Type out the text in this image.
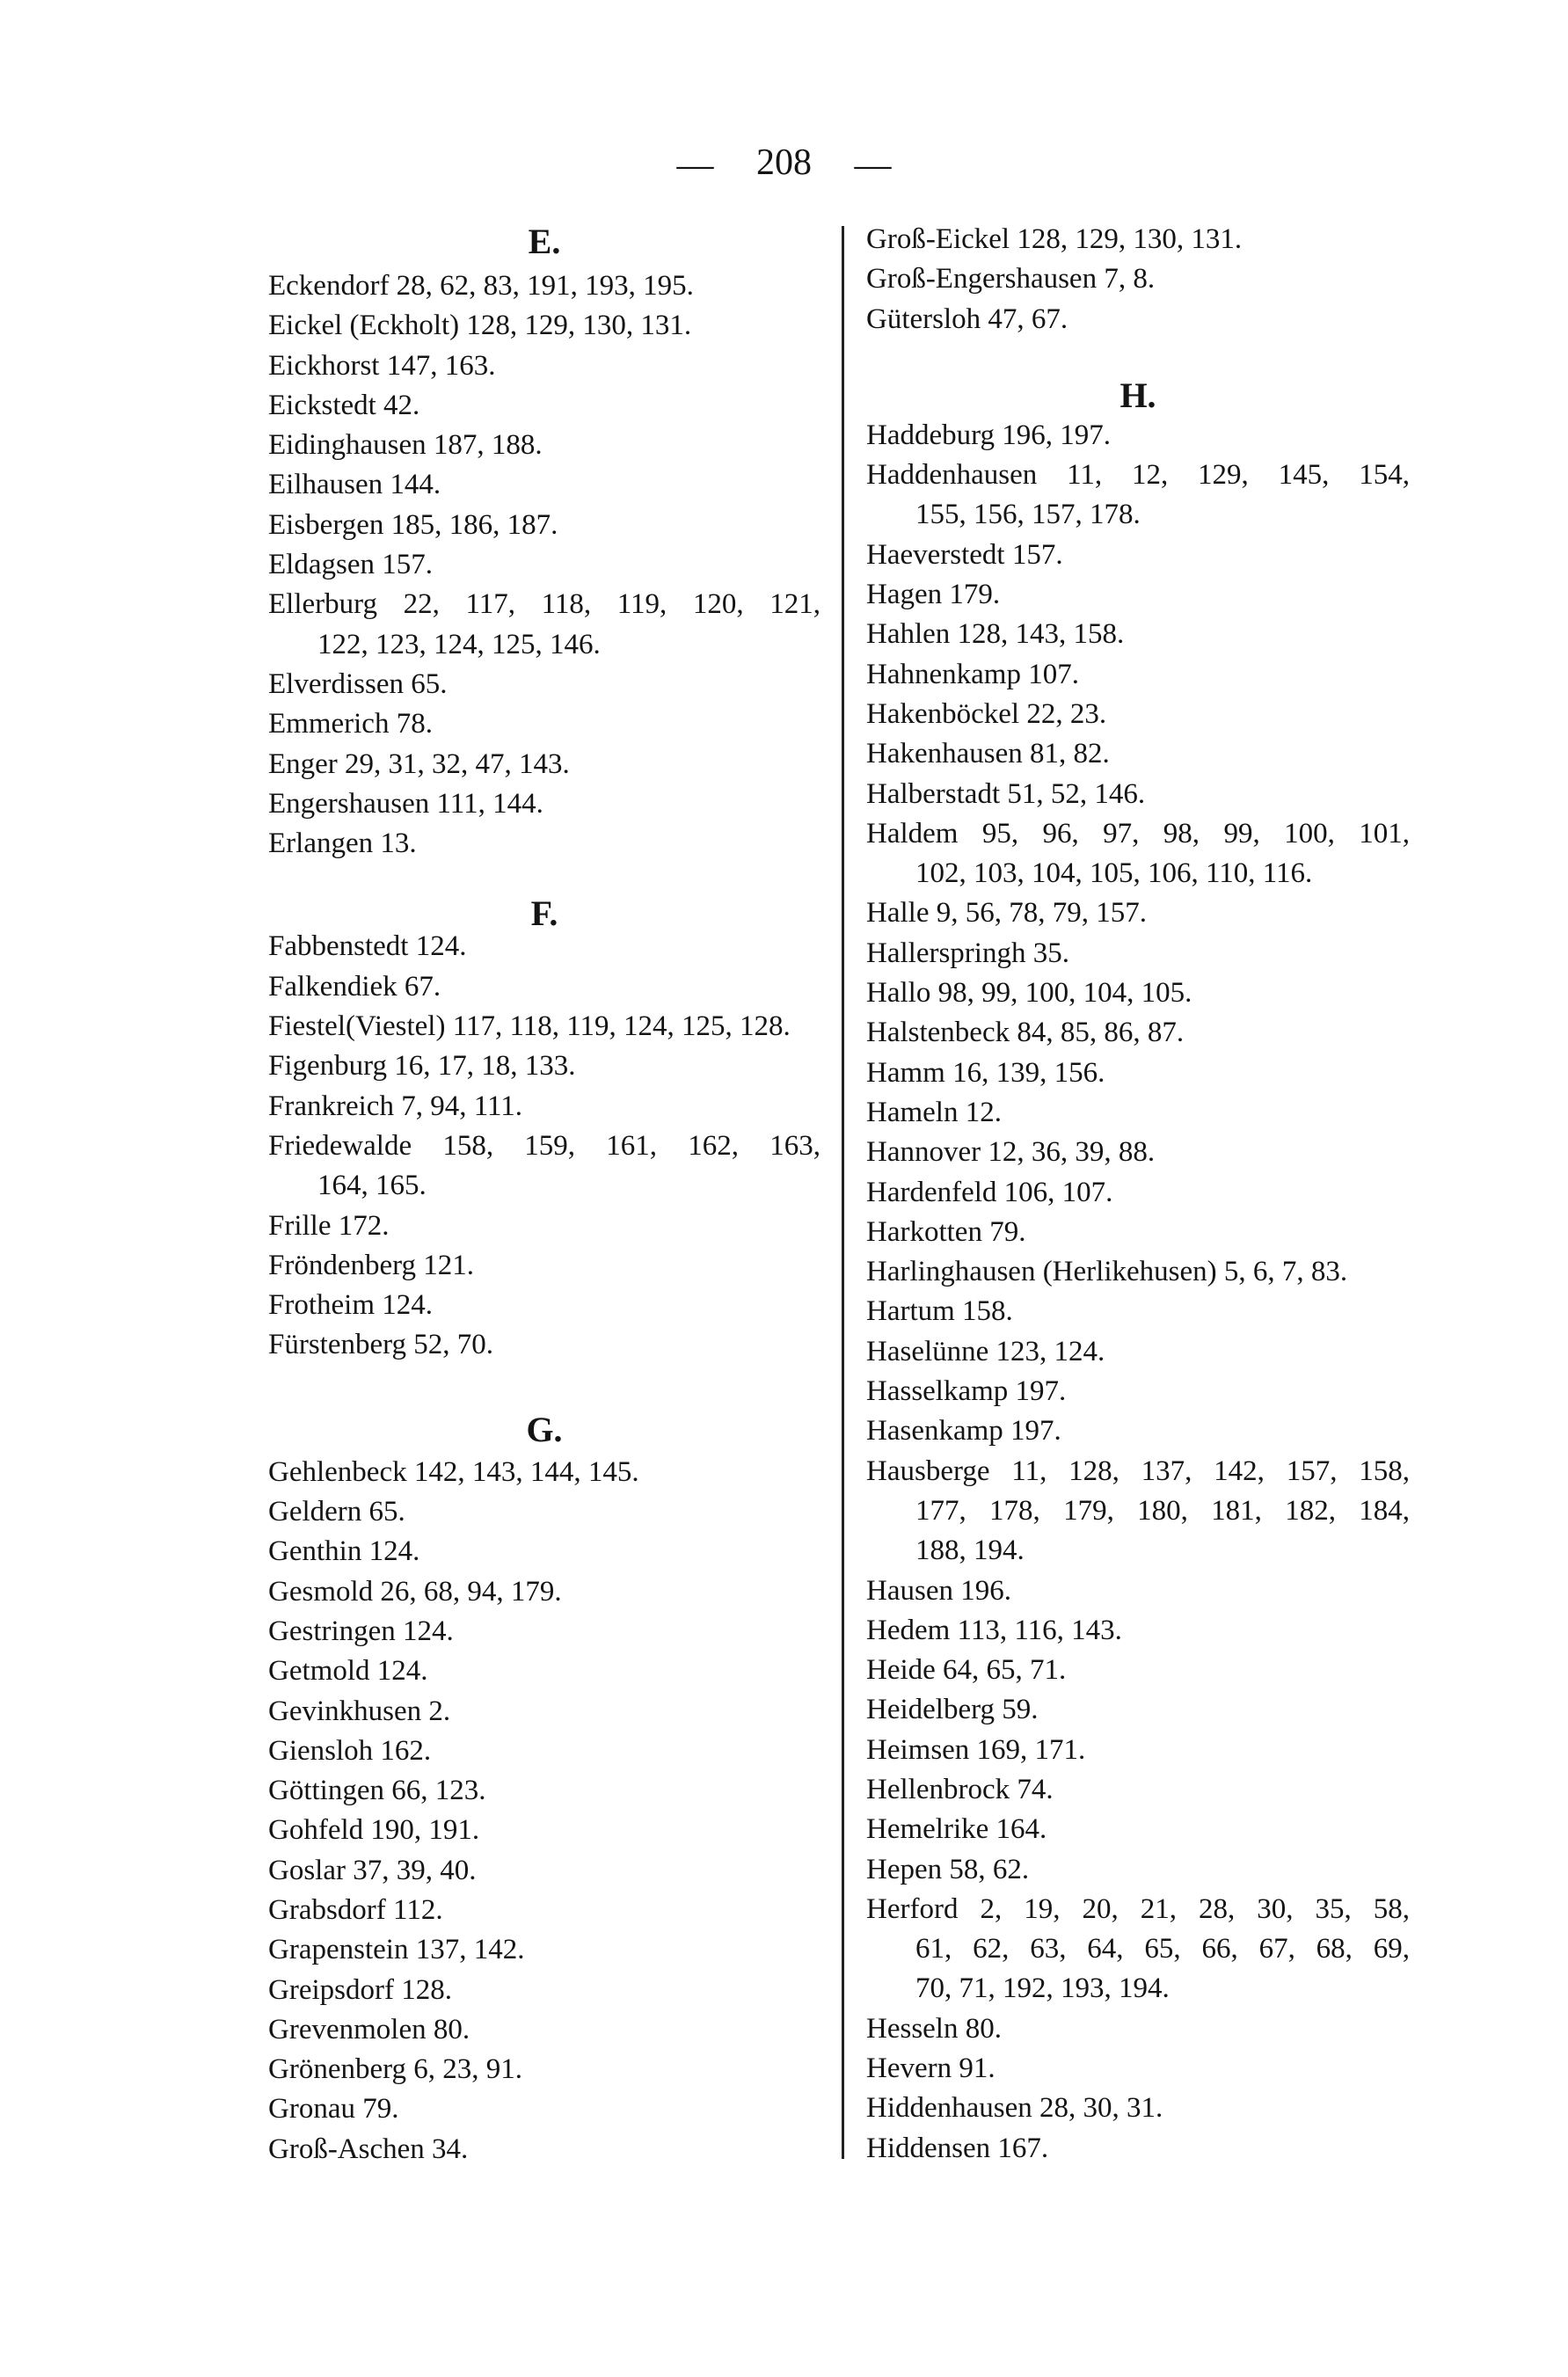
— 208 —
E.
Eckendorf 28, 62, 83, 191, 193, 195.
Eickel (Eckholt) 128, 129, 130, 131.
Eickhorst 147, 163.
Eickstedt 42.
Eidinghausen 187, 188.
Eilhausen 144.
Eisbergen 185, 186, 187.
Eldagsen 157.
Ellerburg 22, 117, 118, 119, 120, 121,
122, 123, 124, 125, 146.
Elverdissen 65.
Emmerich 78.
Enger 29, 31, 32, 47, 143.
Engershausen 111, 144.
Erlangen 13.
F.
Fabbenstedt 124.
Falkendiek 67.
Fiestel(Viestel) 117, 118, 119, 124, 125, 128.
Figenburg 16, 17, 18, 133.
Frankreich 7, 94, 111.
Friedewalde 158, 159, 161, 162, 163,
164, 165.
Frille 172.
Fröndenberg 121.
Frotheim 124.
Fürstenberg 52, 70.
G.
Gehlenbeck 142, 143, 144, 145.
Geldern 65.
Genthin 124.
Gesmold 26, 68, 94, 179.
Gestringen 124.
Getmold 124.
Gevinkhusen 2.
Giensloh 162.
Göttingen 66, 123.
Gohfeld 190, 191.
Goslar 37, 39, 40.
Grabsdorf 112.
Grapenstein 137, 142.
Greipsdorf 128.
Grevenmolen 80.
Grönenberg 6, 23, 91.
Gronau 79.
Groß-Aschen 34.
Groß-Eickel 128, 129, 130, 131.
Groß-Engershausen 7, 8.
Gütersloh 47, 67.
H.
Haddeburg 196, 197.
Haddenhausen 11, 12, 129, 145, 154,
155, 156, 157, 178.
Haeverstedt 157.
Hagen 179.
Hahlen 128, 143, 158.
Hahnenkamp 107.
Hakenböckel 22, 23.
Hakenhausen 81, 82.
Halberstadt 51, 52, 146.
Haldem 95, 96, 97, 98, 99, 100, 101,
102, 103, 104, 105, 106, 110, 116.
Halle 9, 56, 78, 79, 157.
Hallerspringh 35.
Hallo 98, 99, 100, 104, 105.
Halstenbeck 84, 85, 86, 87.
Hamm 16, 139, 156.
Hameln 12.
Hannover 12, 36, 39, 88.
Hardenfeld 106, 107.
Harkotten 79.
Harlinghausen (Herlikehusen) 5, 6, 7, 83.
Hartum 158.
Haselünne 123, 124.
Hasselkamp 197.
Hasenkamp 197.
Hausberge 11, 128, 137, 142, 157, 158,
177, 178, 179, 180, 181, 182, 184,
188, 194.
Hausen 196.
Hedem 113, 116, 143.
Heide 64, 65, 71.
Heidelberg 59.
Heimsen 169, 171.
Hellenbrock 74.
Hemelrike 164.
Hepen 58, 62.
Herford 2, 19, 20, 21, 28, 30, 35, 58,
61, 62, 63, 64, 65, 66, 67, 68, 69,
70, 71, 192, 193, 194.
Hesseln 80.
Hevern 91.
Hiddenhausen 28, 30, 31.
Hiddensen 167.
